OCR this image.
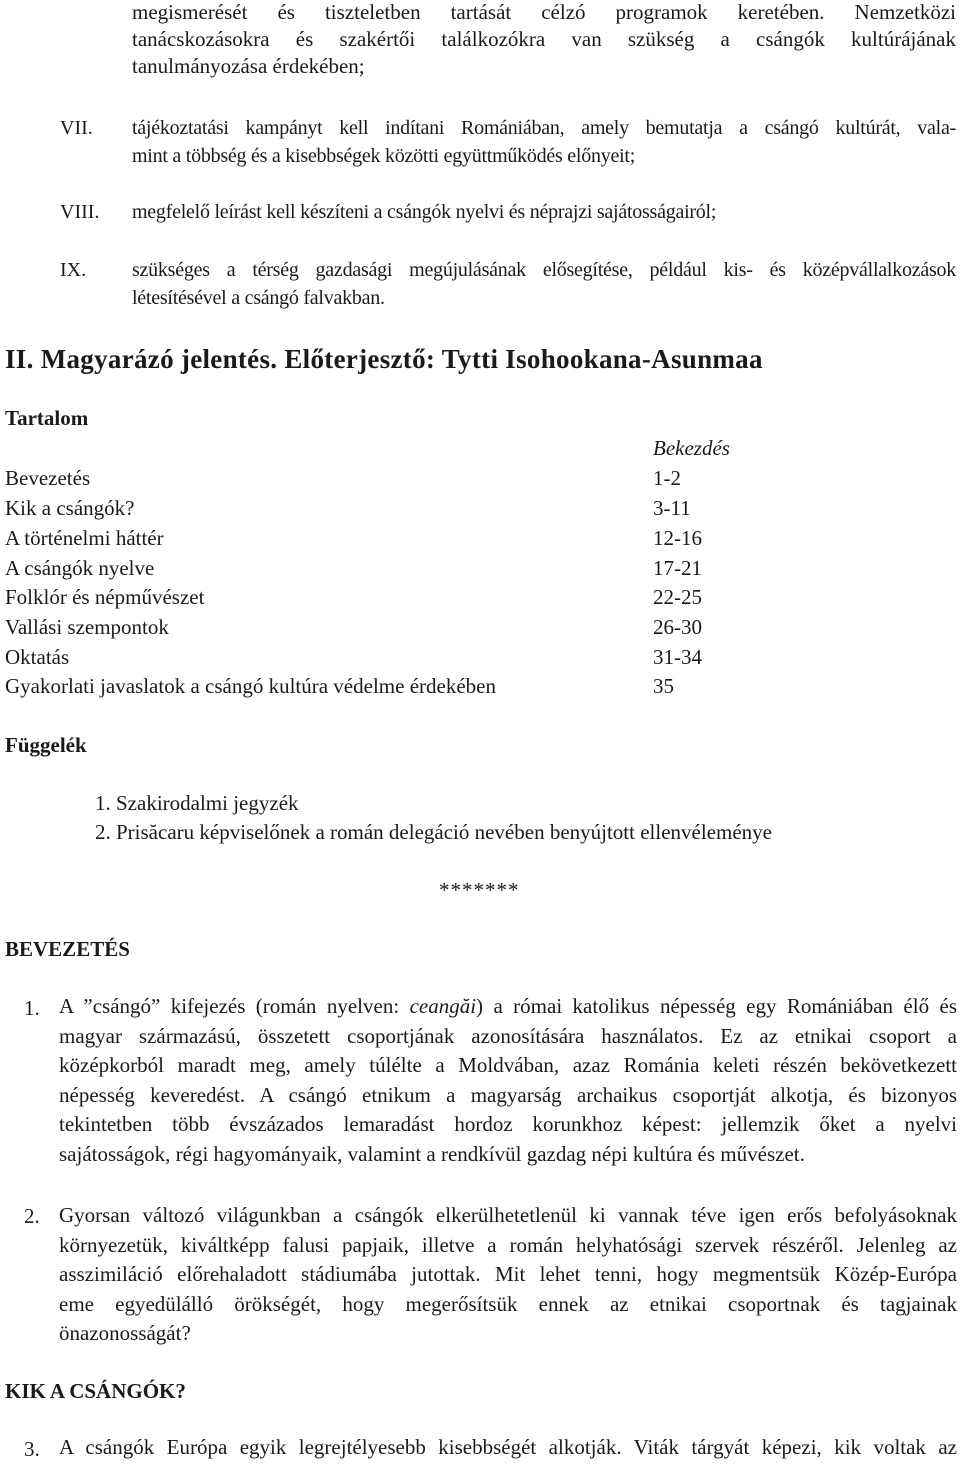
megismerését és tiszteletben tartását célzó programok keretében. Nemzetközi
tanácskozásokra és szakértői találkozókra van szükség a csángók kultúrájának
tanulmányozása érdekében;
VII. tájékoztatási kampányt kell indítani Romániában, amely bemutatja a csángó kultúrát, vala-
mint a többség és a kisebbségek közötti együttműködés előnyeit;
VIII. megfelelő leírást kell készíteni a csángók nyelvi és néprajzi sajátosságairól;
IX. szükséges a térség gazdasági megújulásának elősegítése, például kis- és középvállalkozások
létesítésével a csángó falvakban.
II. Magyarázó jelentés. Előterjesztő: Tytti Isohookana-Asunmaa
Tartalom
Bekezdés
Bevezetés	1-2
Kik a csángók?	3-11
A történelmi háttér	12-16
A csángók nyelve	17-21
Folklór és népművészet	22-25
Vallási szempontok	26-30
Oktatás	31-34
Gyakorlati javaslatok a csángó kultúra védelme érdekében	35
Függelék
1. Szakirodalmi jegyzék
2. Prisăcaru képviselőnek a román delegáció nevében benyújtott ellenvéleménye
*******
BEVEZETÉS
1. A ”csángó” kifejezés (román nyelven: ceangăi) a római katolikus népesség egy Romániában élő és
magyar származású, összetett csoportjának azonosítására használatos. Ez az etnikai csoport a
középkorból maradt meg, amely túlélte a Moldvában, azaz Románia keleti részén bekövetkezett
népesség keveredést. A csángó etnikum a magyarság archaikus csoportját alkotja, és bizonyos
tekintetben több évszázados lemaradást hordoz korunkhoz képest: jellemzik őket a nyelvi
sajátosságok, régi hagyományaik, valamint a rendkívül gazdag népi kultúra és művészet.
2. Gyorsan változó világunkban a csángók elkerülhetetlenül ki vannak téve igen erős befolyásoknak
környezetük, kiváltképp falusi papjaik, illetve a román helyhatósági szervek részéről. Jelenleg az
asszimiláció előrehaladott stádiumába jutottak. Mit lehet tenni, hogy megmentsük Közép-Európa
eme egyedülálló örökségét, hogy megerősítsük ennek az etnikai csoportnak és tagjainak
önazonosságát?
KIK A CSÁNGÓK?
3. A csángók Európa egyik legrejtélyesebb kisebbségét alkotják. Viták tárgyát képezi, kik voltak az
